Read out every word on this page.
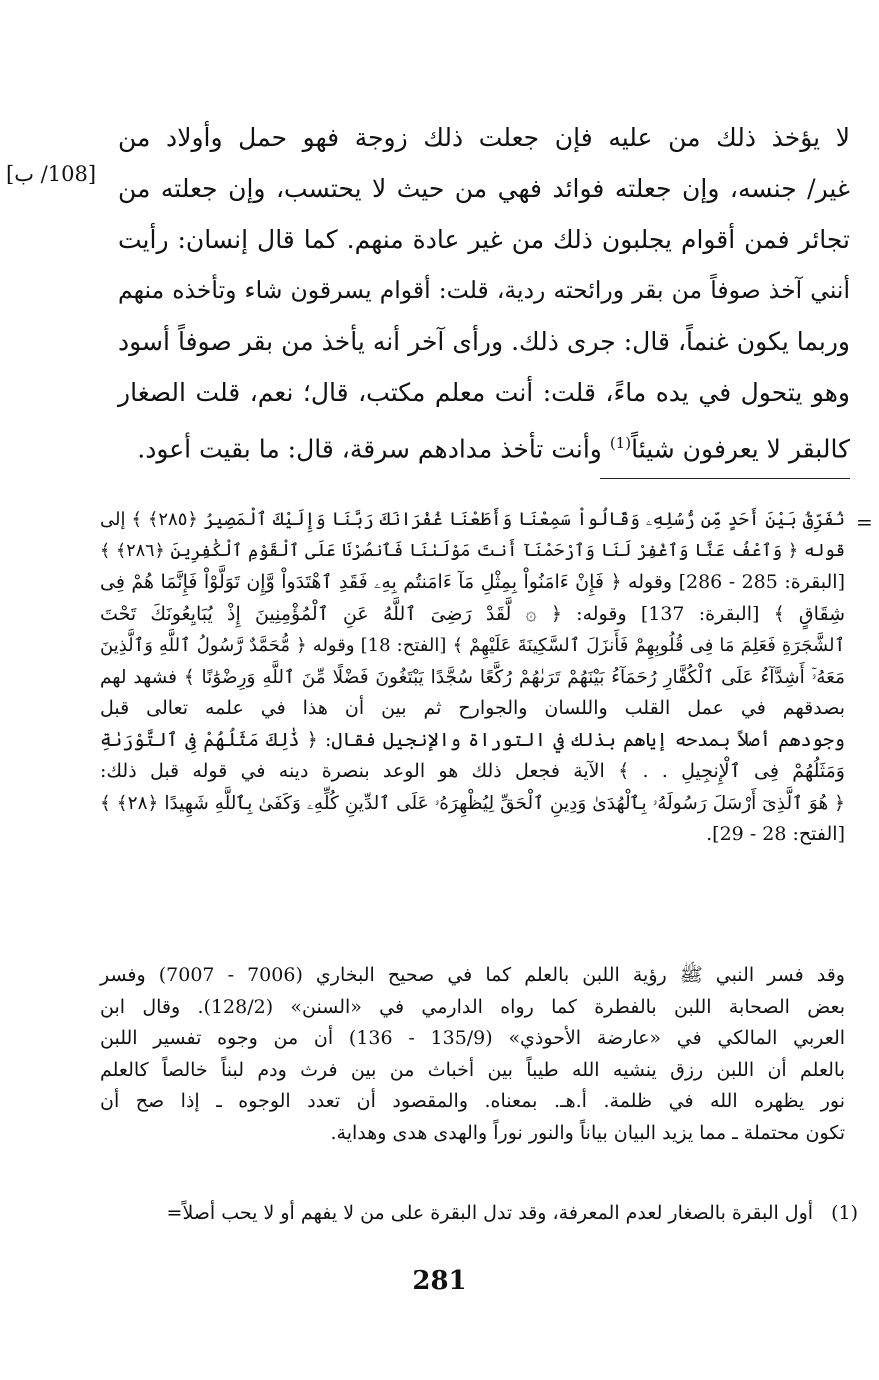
[108/ ب]
لا يؤخذ ذلك من عليه فإن جعلت ذلك زوجة فهو حمل وأولاد من
غير/ جنسه، وإن جعلته فوائد فهي من حيث لا يحتسب، وإن جعلته من
تجائر فمن أقوام يجلبون ذلك من غير عادة منهم. كما قال إنسان: رأيت
أنني آخذ صوفاً من بقر ورائحته ردية، قلت: أقوام يسرقون شاء وتأخذه منهم
وربما يكون غنماً، قال: جرى ذلك. ورأى آخر أنه يأخذ من بقر صوفاً أسود
وهو يتحول في يده ماءً، قلت: أنت معلم مكتب، قال؛ نعم، قلت الصغار
كالبقر لا يعرفون شيئاً$^{(1)}$ وأنت تأخذ مدادهم سرقة، قال: ما بقيت أعود.
=
نُفَرِّقُ بَيْنَ أَحَدٍ مِّن رُّسُلِهِۦ وَقَالُواْ سَمِعْنَا وَأَطَعْنَا غُفْرَانَكَ رَبَّنَا وَإِلَيْكَ ٱلْمَصِيرُ ﴿٢٨٥﴾ ﴾ إلى
قوله ﴿ وَٱعْفُ عَنَّا وَٱغْفِرْ لَنَا وَٱرْحَمْنَآ أَنتَ مَوْلَىٰنَا فَٱنصُرْنَا عَلَى ٱلْقَوْمِ ٱلْكَٰفِرِينَ ﴿٢٨٦﴾ ﴾
[البقرة: 285 - 286] وقوله ﴿ فَإِنْ ءَامَنُواْ بِمِثْلِ مَآ ءَامَنتُم بِهِۦ فَقَدِ ٱهْتَدَواْ وَّإِن تَوَلَّوْاْ فَإِنَّمَا هُمْ فِى
شِقَاقٍ ﴾ [البقرة: 137] وقوله: ﴿ ۞ لَّقَدْ رَضِىَ ٱللَّهُ عَنِ ٱلْمُؤْمِنِينَ إِذْ يُبَايِعُونَكَ تَحْتَ
ٱلشَّجَرَةِ فَعَلِمَ مَا فِى قُلُوبِهِمْ فَأَنزَلَ ٱلسَّكِينَةَ عَلَيْهِمْ ﴾ [الفتح: 18] وقوله ﴿ مُّحَمَّدٌ رَّسُولُ ٱللَّهِ وَٱلَّذِينَ
مَعَهُۥٓ أَشِدَّآءُ عَلَى ٱلْكُفَّارِ رُحَمَآءُ بَيْنَهُمْ تَرَىٰهُمْ رُكَّعًا سُجَّدًا يَبْتَغُونَ فَضْلًا مِّنَ ٱللَّهِ وَرِضْوَٰنًا ﴾ فشهد لهم
بصدقهم في عمل القلب واللسان والجوارح ثم بين أن هذا في علمه تعالى قبل
وجودهم أصلاً بمدحه إياهم بذلك في التوراة والإنجيل فقال: ﴿ ذَٰلِكَ مَثَلُهُمْ فِى ٱلتَّوْرَىٰةِ
وَمَثَلُهُمْ فِى ٱلْإِنجِيلِ . . ﴾ الآية فجعل ذلك هو الوعد بنصرة دينه في قوله قبل ذلك:
﴿ هُوَ ٱلَّذِىٓ أَرْسَلَ رَسُولَهُۥ بِٱلْهُدَىٰ وَدِينِ ٱلْحَقِّ لِيُظْهِرَهُۥ عَلَى ٱلدِّينِ كُلِّهِۦ وَكَفَىٰ بِٱللَّهِ شَهِيدًا ﴿٢٨﴾ ﴾
[الفتح: 28 - 29].
وقد فسر النبي ﷺ رؤية اللبن بالعلم كما في صحيح البخاري (7006 - 7007) وفسر
بعض الصحابة اللبن بالفطرة كما رواه الدارمي في «السنن» (128/2). وقال ابن
العربي المالكي في «عارضة الأحوذي» (135/9 - 136) أن من وجوه تفسير اللبن
بالعلم أن اللبن رزق ينشيه الله طيباً بين أخباث من بين فرث ودم لبناً خالصاً كالعلم
نور يظهره الله في ظلمة. أ.هـ. بمعناه. والمقصود أن تعدد الوجوه ـ إذا صح أن
تكون محتملة ـ مما يزيد البيان بياناً والنور نوراً والهدى هدى وهداية.
(1)أول البقرة بالصغار لعدم المعرفة، وقد تدل البقرة على من لا يفهم أو لا يحب أصلاً=
281
